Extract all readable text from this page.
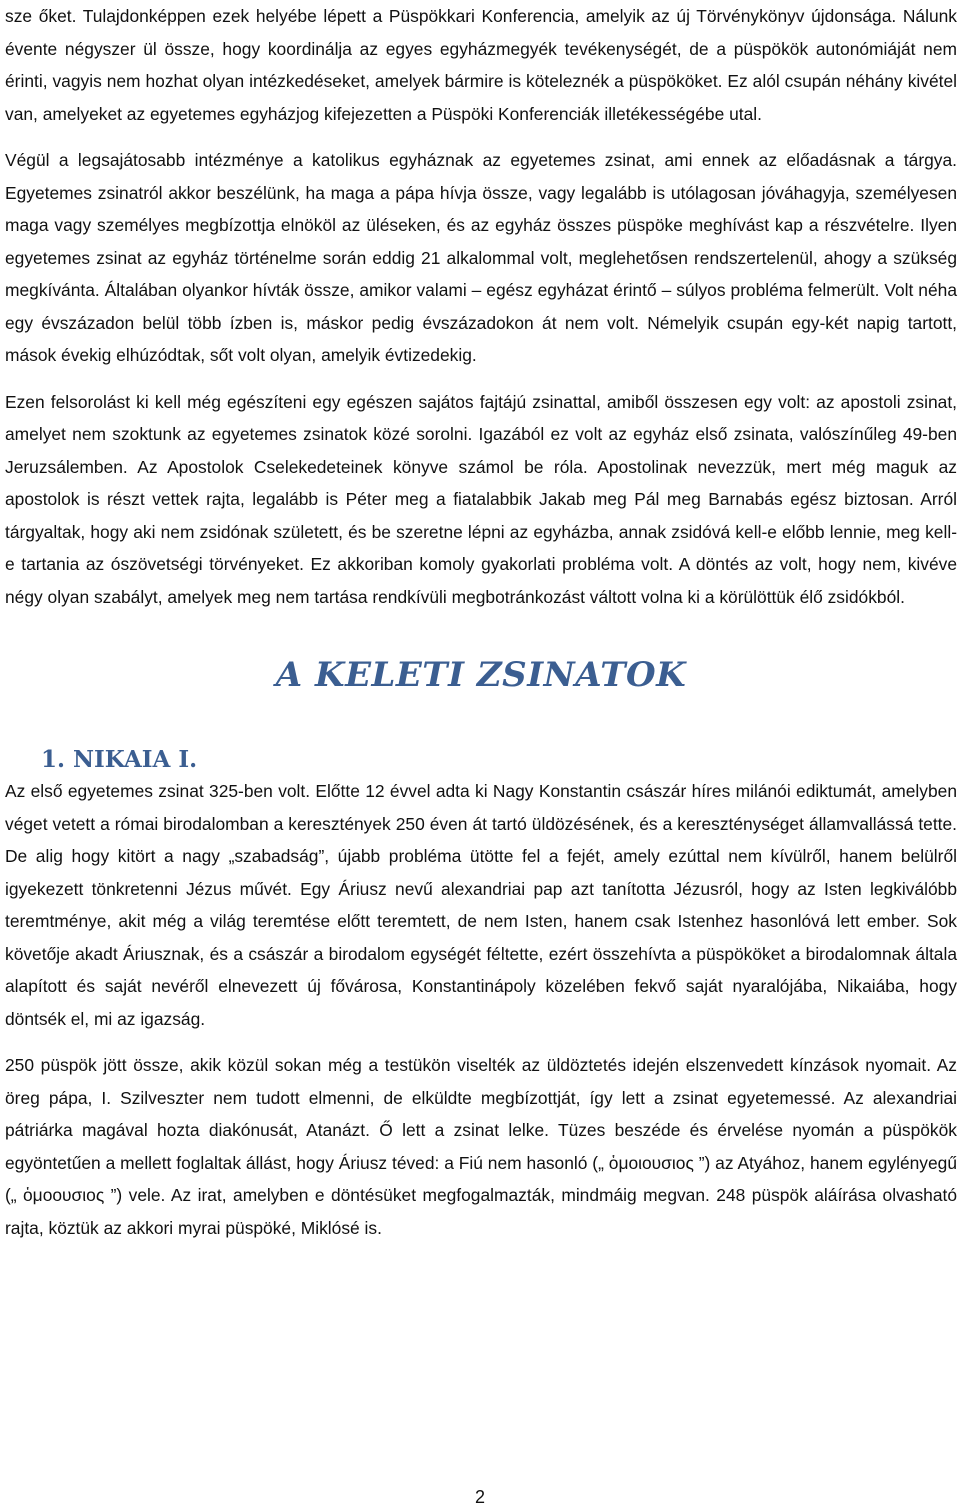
sze őket. Tulajdonképpen ezek helyébe lépett a Püspökkari Konferencia, amelyik az új Törvénykönyv újdonsága. Nálunk évente négyszer ül össze, hogy koordinálja az egyes egyházmegyék tevékenységét, de a püspökök autonómiáját nem érinti, vagyis nem hozhat olyan intézkedéseket, amelyek bármire is köteleznék a püspököket. Ez alól csupán néhány kivétel van, amelyeket az egyetemes egyházjog kifejezetten a Püspöki Konferenciák illetékességébe utal.

Végül a legsajátosabb intézménye a katolikus egyháznak az egyetemes zsinat, ami ennek az előadásnak a tárgya. Egyetemes zsinatról akkor beszélünk, ha maga a pápa hívja össze, vagy legalább is utólagosan jóváhagyja, személyesen maga vagy személyes megbízottja elnököl az üléseken, és az egyház összes püspöke meghívást kap a részvételre. Ilyen egyetemes zsinat az egyház történelme során eddig 21 alkalommal volt, meglehetősen rendszertelenül, ahogy a szükség megkívánta. Általában olyankor hívták össze, amikor valami – egész egyházat érintő – súlyos probléma felmerült. Volt néha egy évszázadon belül több ízben is, máskor pedig évszázadokon át nem volt. Némelyik csupán egy-két napig tartott, mások évekig elhúzódtak, sőt volt olyan, amelyik évtizedekig.

Ezen felsorolást ki kell még egészíteni egy egészen sajátos fajtájú zsinattal, amiből összesen egy volt: az apostoli zsinat, amelyet nem szoktunk az egyetemes zsinatok közé sorolni. Igazából ez volt az egyház első zsinata, valószínűleg 49-ben Jeruzsálemben. Az Apostolok Cselekedeteinek könyve számol be róla. Apostolinak nevezzük, mert még maguk az apostolok is részt vettek rajta, legalább is Péter meg a fiatalabbik Jakab meg Pál meg Barnabás egész biztosan. Arról tárgyaltak, hogy aki nem zsidónak született, és be szeretne lépni az egyházba, annak zsidóvá kell-e előbb lennie, meg kell-e tartania az ószövetségi törvényeket. Ez akkoriban komoly gyakorlati probléma volt. A döntés az volt, hogy nem, kivéve négy olyan szabályt, amelyek meg nem tartása rendkívüli megbotránkozást váltott volna ki a körülöttük élő zsidókból.

A KELETI ZSINATOK
1. NIKAIA I.

Az első egyetemes zsinat 325-ben volt. Előtte 12 évvel adta ki Nagy Konstantin császár híres milánói ediktumát, amelyben véget vetett a római birodalomban a keresztények 250 éven át tartó üldözésének, és a kereszténységet államvallássá tette. De alig hogy kitört a nagy „szabadság”, újabb probléma ütötte fel a fejét, amely ezúttal nem kívülről, hanem belülről igyekezett tönkretenni Jézus művét. Egy Áriusz nevű alexandriai pap azt tanította Jézusról, hogy az Isten legkiválóbb teremtménye, akit még a világ teremtése előtt teremtett, de nem Isten, hanem csak Istenhez hasonlóvá lett ember. Sok követője akadt Áriusznak, és a császár a birodalom egységét féltette, ezért összehívta a püspököket a birodalomnak általa alapított és saját nevéről elnevezett új fővárosa, Konstantinápoly közelében fekvő saját nyaralójába, Nikaiába, hogy döntsék el, mi az igazság.

250 püspök jött össze, akik közül sokan még a testükön viselték az üldöztetés idején elszenvedett kínzások nyomait. Az öreg pápa, I. Szilveszter nem tudott elmenni, de elküldte megbízottját, így lett a zsinat egyetemessé. Az alexandriai pátriárka magával hozta diakónusát, Atanázt. Ő lett a zsinat lelke. Tüzes beszéde és érvelése nyomán a püspökök egyöntetűen a mellett foglaltak állást, hogy Áriusz téved: a Fiú nem hasonló („ ὁμοιουσιος ”) az Atyához, hanem egylényegű („ ὁμοουσιος ”) vele. Az irat, amelyben e döntésüket megfogalmazták, mindmáig megvan. 248 püspök aláírása olvasható rajta, köztük az akkori myrai püspöké, Miklósé is.

2
